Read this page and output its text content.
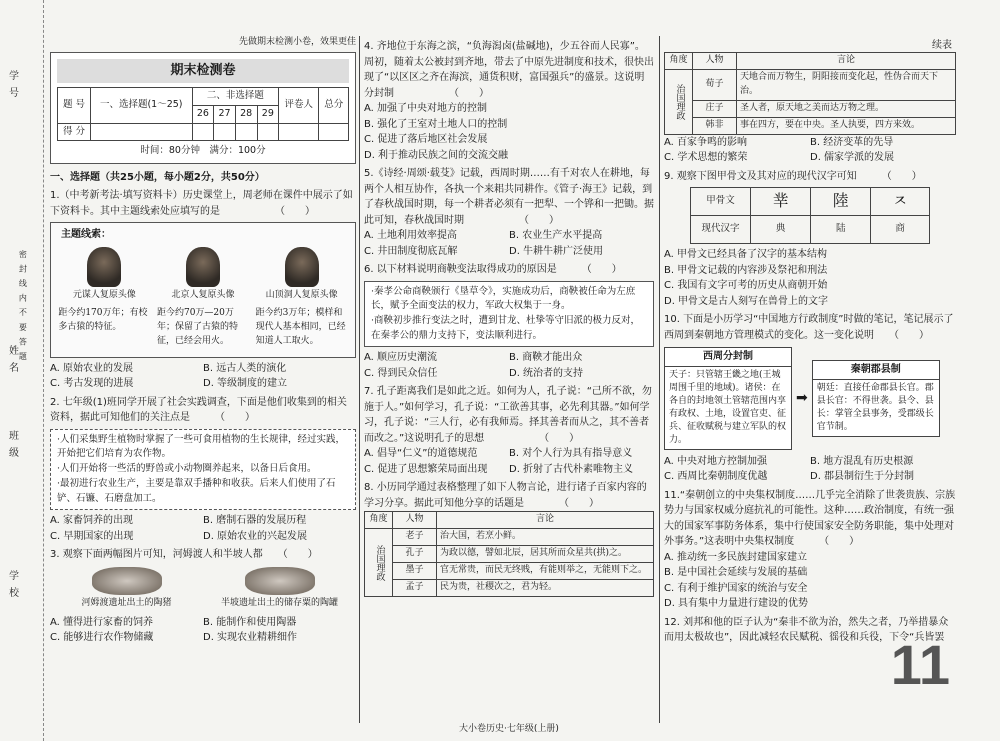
学 号
密 封 线 内 不 要 答 题
姓 名
班 级
学 校
先做期末检测小卷，效果更佳
期末检测卷
题 号	一、选择题(1～25)	二、非选择题				评卷人	总分
		26	27	28	29		
得 分							
时间：80分钟　满分：100分
一、选择题（共25小题，每小题2分，共50分）
1.（中考新考法·填写资料卡）历史课堂上，周老师在课件中展示了如下资料卡。其中主题线索处应填写的是　　　　　　（　　）
主题线索：
元谋人复原头像	北京人复原头像	山顶洞人复原头像
距今约170万年；有校多古猿的特征。
距今约70万—20万年；保留了古猿的特征，已经会用火。
距今约3万年；模样和现代人基本相同，已经知道人工取火。
A. 原始农业的发展	B. 远古人类的演化
C. 考古发现的进展	D. 等级制度的建立
2. 七年级(1)班同学开展了社会实践调查，下面是他们收集到的相关资料，据此可知他们的关注点是　　　（　　）
·人们采集野生植物时掌握了一些可食用植物的生长规律，经过实践，开始把它们培育为农作物。
·人们开始将一些活的野兽或小动物圈养起来，以备日后食用。
·最初进行农业生产，主要是靠双手播种和收获。后来人们使用了石铲、石镰、石磨盘加工。
A. 家畜饲养的出现	B. 磨制石器的发展历程
C. 早期国家的出现	D. 原始农业的兴起发展
3. 观察下面两幅图片可知，河姆渡人和半坡人都　　（　　）
河姆渡遗址出土的陶猪	半坡遗址出土的储存粟的陶罐
A. 懂得进行家畜的饲养	B. 能制作和使用陶器
C. 能够进行农作物储藏	D. 实现农业精耕细作
4. 齐地位于东海之滨，“负海潟卤(盐碱地)，少五谷而人民寡”。周初，随着太公被封到齐地，带去了中原先进制度和技术，很快出现了“以区区之齐在海滨，通货积财，富国强兵”的盛景。这说明分封制　　　　　　（　　）
A. 加强了中央对地方的控制
B. 强化了王室对土地人口的控制
C. 促进了落后地区社会发展
D. 利于推动民族之间的交流交融
5.《诗经·周颂·载芟》记载，西周时期……有千对农人在耕地，每两个人相互协作，各执一个来耜共同耕作。《管子·海王》记载，到了春秋战国时期，每一个耕者必须有一把犁、一个铧和一把锄。据此可知，春秋战国时期　　　　　　（　　）
A. 土地利用效率提高	B. 农业生产水平提高
C. 井田制度彻底瓦解	D. 牛耕牛耕广泛使用
6. 以下材料说明商鞅变法取得成功的原因是　　　（　　）
·秦孝公命商鞅颁行《垦草令》，实施成功后，商鞅被任命为左庶长，赋予全面变法的权力，军政大权集于一身。
·商鞅初步推行变法之时，遭到甘龙、杜挚等守旧派的极力反对，在秦孝公的鼎力支持下，变法顺利进行。
A. 顺应历史潮流	B. 商鞅才能出众
C. 得到民众信任	D. 统治者的支持
7. 孔子距离我们是如此之近。如何为人，孔子说：“己所不欲，勿施于人。”如何学习，孔子说：“工欲善其事，必先利其器。”如何学习，孔子说：“三人行，必有我师焉。择其善者而从之，其不善者而改之。”这说明孔子的思想　　　　　　（　　）
A. 倡导“仁义”的道德规范	B. 对个人行为具有指导意义
C. 促进了思想繁荣局面出现	D. 折射了古代朴素唯物主义
8. 小历同学通过表格整理了如下人物言论，进行诸子百家内容的学习分享。据此可知他分享的话题是　　　　（　　）
角度	人物	言论
治国理政	老子	治大国，若烹小鲜。
	孔子	为政以德，譬如北辰，居其所而众星共(拱)之。
	墨子	官无常贵，而民无终贱，有能则举之，无能则下之。
	孟子	民为贵，社稷次之，君为轻。
大小卷历史·七年级(上册)
续表
角度	人物	言论
治国理政	荀子	天地合而万物生，阴阳接而变化起，性伪合而天下治。
	庄子	圣人者，原天地之美而达万物之理。
	韩非	事在四方，要在中央。圣人执要，四方来效。
A. 百家争鸣的影响	B. 经济变革的先导
C. 学术思想的繁荣	D. 儒家学派的发展
9. 观察下图甲骨文及其对应的现代汉字可知　　　（　　）
甲骨文	丵	陸	ㅈ
现代汉字	典	陆	商
A. 甲骨文已经具备了汉字的基本结构
B. 甲骨文记载的内容涉及祭祀和刑法
C. 我国有文字可考的历史从商朝开始
D. 甲骨文是古人刻写在兽骨上的文字
10. 下面是小历学习“中国地方行政制度”时做的笔记，笔记展示了西周到秦朝地方管理模式的变化。这一变化说明　　（　　）
西周分封制
天子：只管辖王畿之地(王城周围千里的地域)。诸侯：在各自的封地领土管辖范围内享有政权、土地，设置官吏、征兵、征收赋税与建立军队的权力。
➡
秦朝郡县制
朝廷：直接任命郡县长官。郡县长官：不得世袭。县令、县长：掌管全县事务，受郡级长官节制。
A. 中央对地方控制加强	B. 地方混乱有历史根源
C. 西周比秦朝制度优越	D. 郡县制衍生于分封制
11.“秦朝创立的中央集权制度……几乎完全消除了世袭贵族、宗族势力与国家权威分庭抗礼的可能性。这种……政治制度，有统一强大的国家军事防务体系，集中行使国家安全防务职能，集中处理对外事务。”这表明中央集权制度　　　（　　）
A. 推动统一多民族封建国家建立
B. 是中国社会延续与发展的基础
C. 有利于维护国家的统治与安全
D. 具有集中力量进行建设的优势
12. 刘邦和他的臣子认为“秦非不欲为治，然失之者，乃举措暴众而用太极故也”，因此减轻农民赋税、徭役和兵役，下令“兵皆罢
11
